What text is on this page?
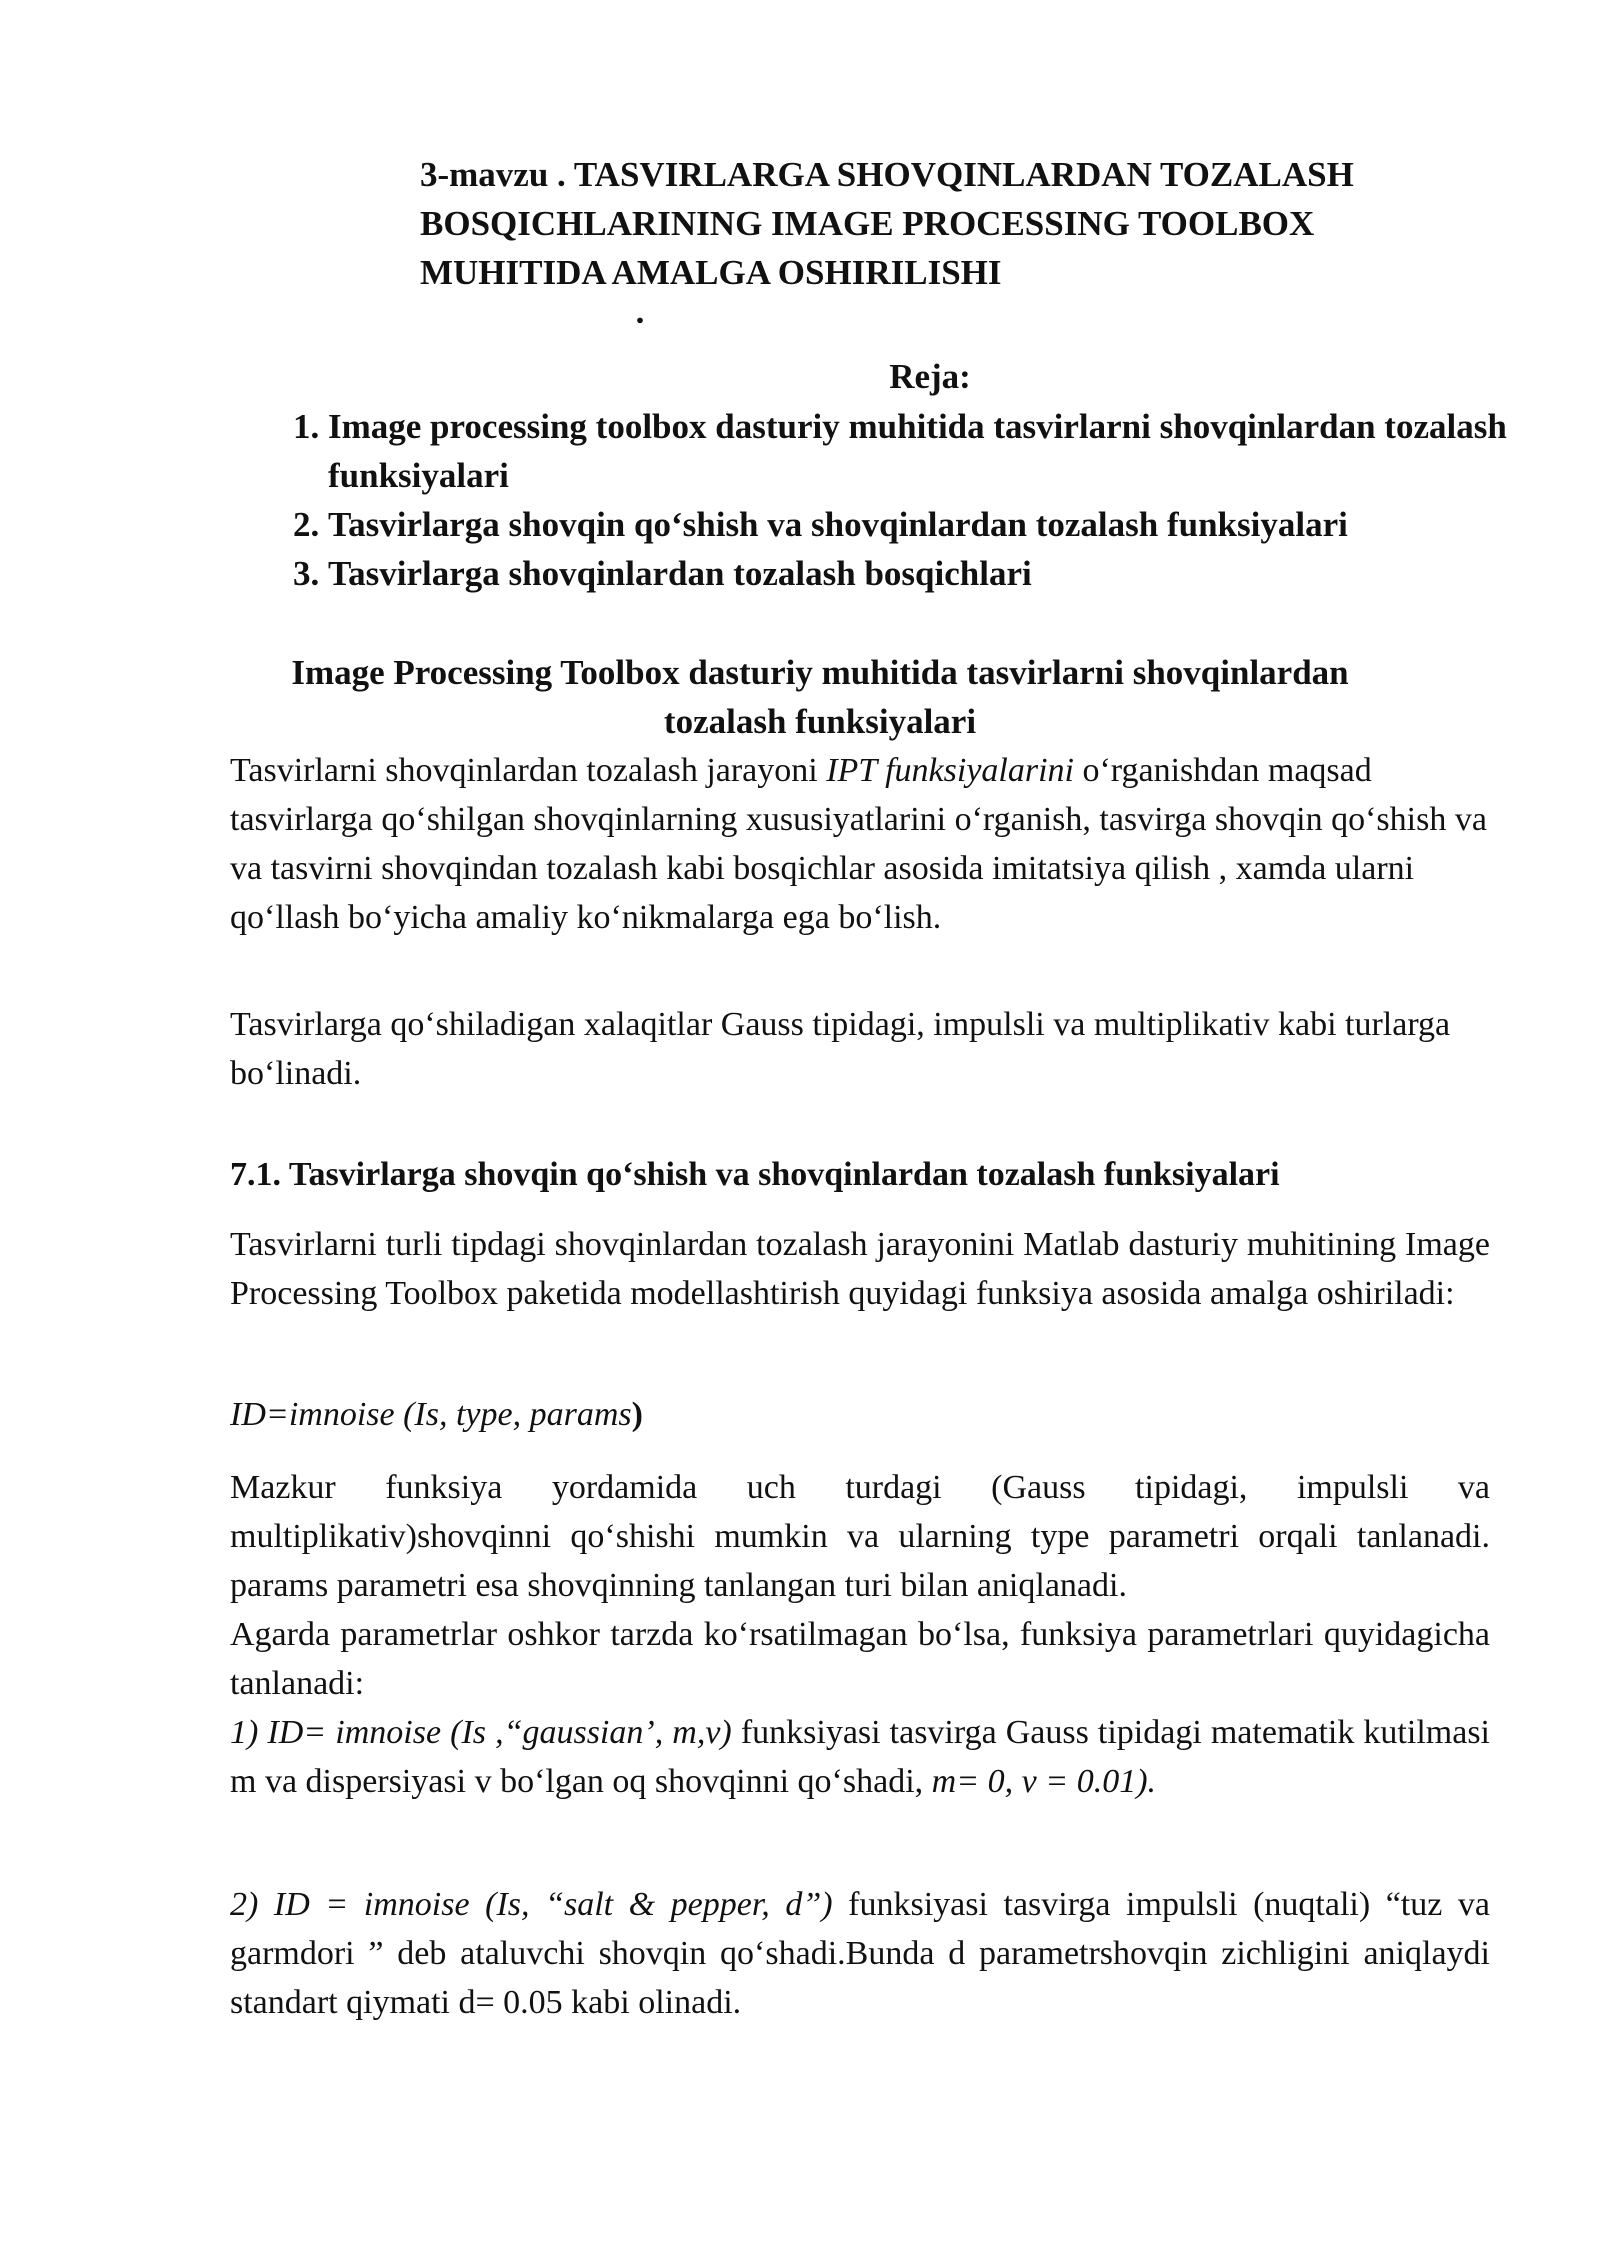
3-mavzu . TASVIRLARGA SHOVQINLARDAN TOZALASH
BOSQICHLARINING IMAGE PROCESSING TOOLBOX
MUHITIDA AMALGA OSHIRILISHI
.
Reja:
1. Image processing toolbox dasturiy muhitida tasvirlarni shovqinlardan tozalash funksiyalari
2. Tasvirlarga shovqin qo‘shish va shovqinlardan tozalash funksiyalari
3. Tasvirlarga shovqinlardan tozalash bosqichlari
Image Processing Toolbox dasturiy muhitida tasvirlarni shovqinlardan tozalash funksiyalari

Tasvirlarni shovqinlardan tozalash jarayoni IPT funksiyalarini o‘rganishdan maqsad tasvirlarga qo‘shilgan shovqinlarning xususiyatlarini o‘rganish, tasvirga shovqin qo‘shish va va tasvirni shovqindan tozalash kabi bosqichlar asosida imitatsiya qilish , xamda ularni qo‘llash bo‘yicha amaliy ko‘nikmalarga ega bo‘lish.

Tasvirlarga qo‘shiladigan xalaqitlar Gauss tipidagi, impulsli va multiplikativ kabi turlarga bo‘linadi.

7.1. Tasvirlarga shovqin qo‘shish va shovqinlardan tozalash funksiyalari

Tasvirlarni turli tipdagi shovqinlardan tozalash jarayonini Matlab dasturiy muhitining Image Processing Toolbox paketida modellashtirish quyidagi funksiya asosida amalga oshiriladi:

ID=imnoise (Is, type, params)

Mazkur funksiya yordamida uch turdagi (Gauss tipidagi, impulsli va multiplikativ)shovqinni qo‘shishi mumkin va ularning type parametri orqali tanlanadi. params parametri esa shovqinning tanlangan turi bilan aniqlanadi.

Agarda parametrlar oshkor tarzda ko‘rsatilmagan bo‘lsa, funksiya parametrlari quyidagicha tanlanadi:

1) ID= imnoise (Is ,“gaussian’, m,v) funksiyasi tasvirga Gauss tipidagi matematik kutilmasi m va dispersiyasi v bo‘lgan oq shovqinni qo‘shadi, m= 0, v = 0.01).

2) ID = imnoise (Is, “salt & pepper, d”) funksiyasi tasvirga impulsli (nuqtali) “tuz va garmdori ” deb ataluvchi shovqin qo‘shadi.Bunda d parametrshovqin zichligini aniqlaydi standart qiymati d= 0.05 kabi olinadi.
